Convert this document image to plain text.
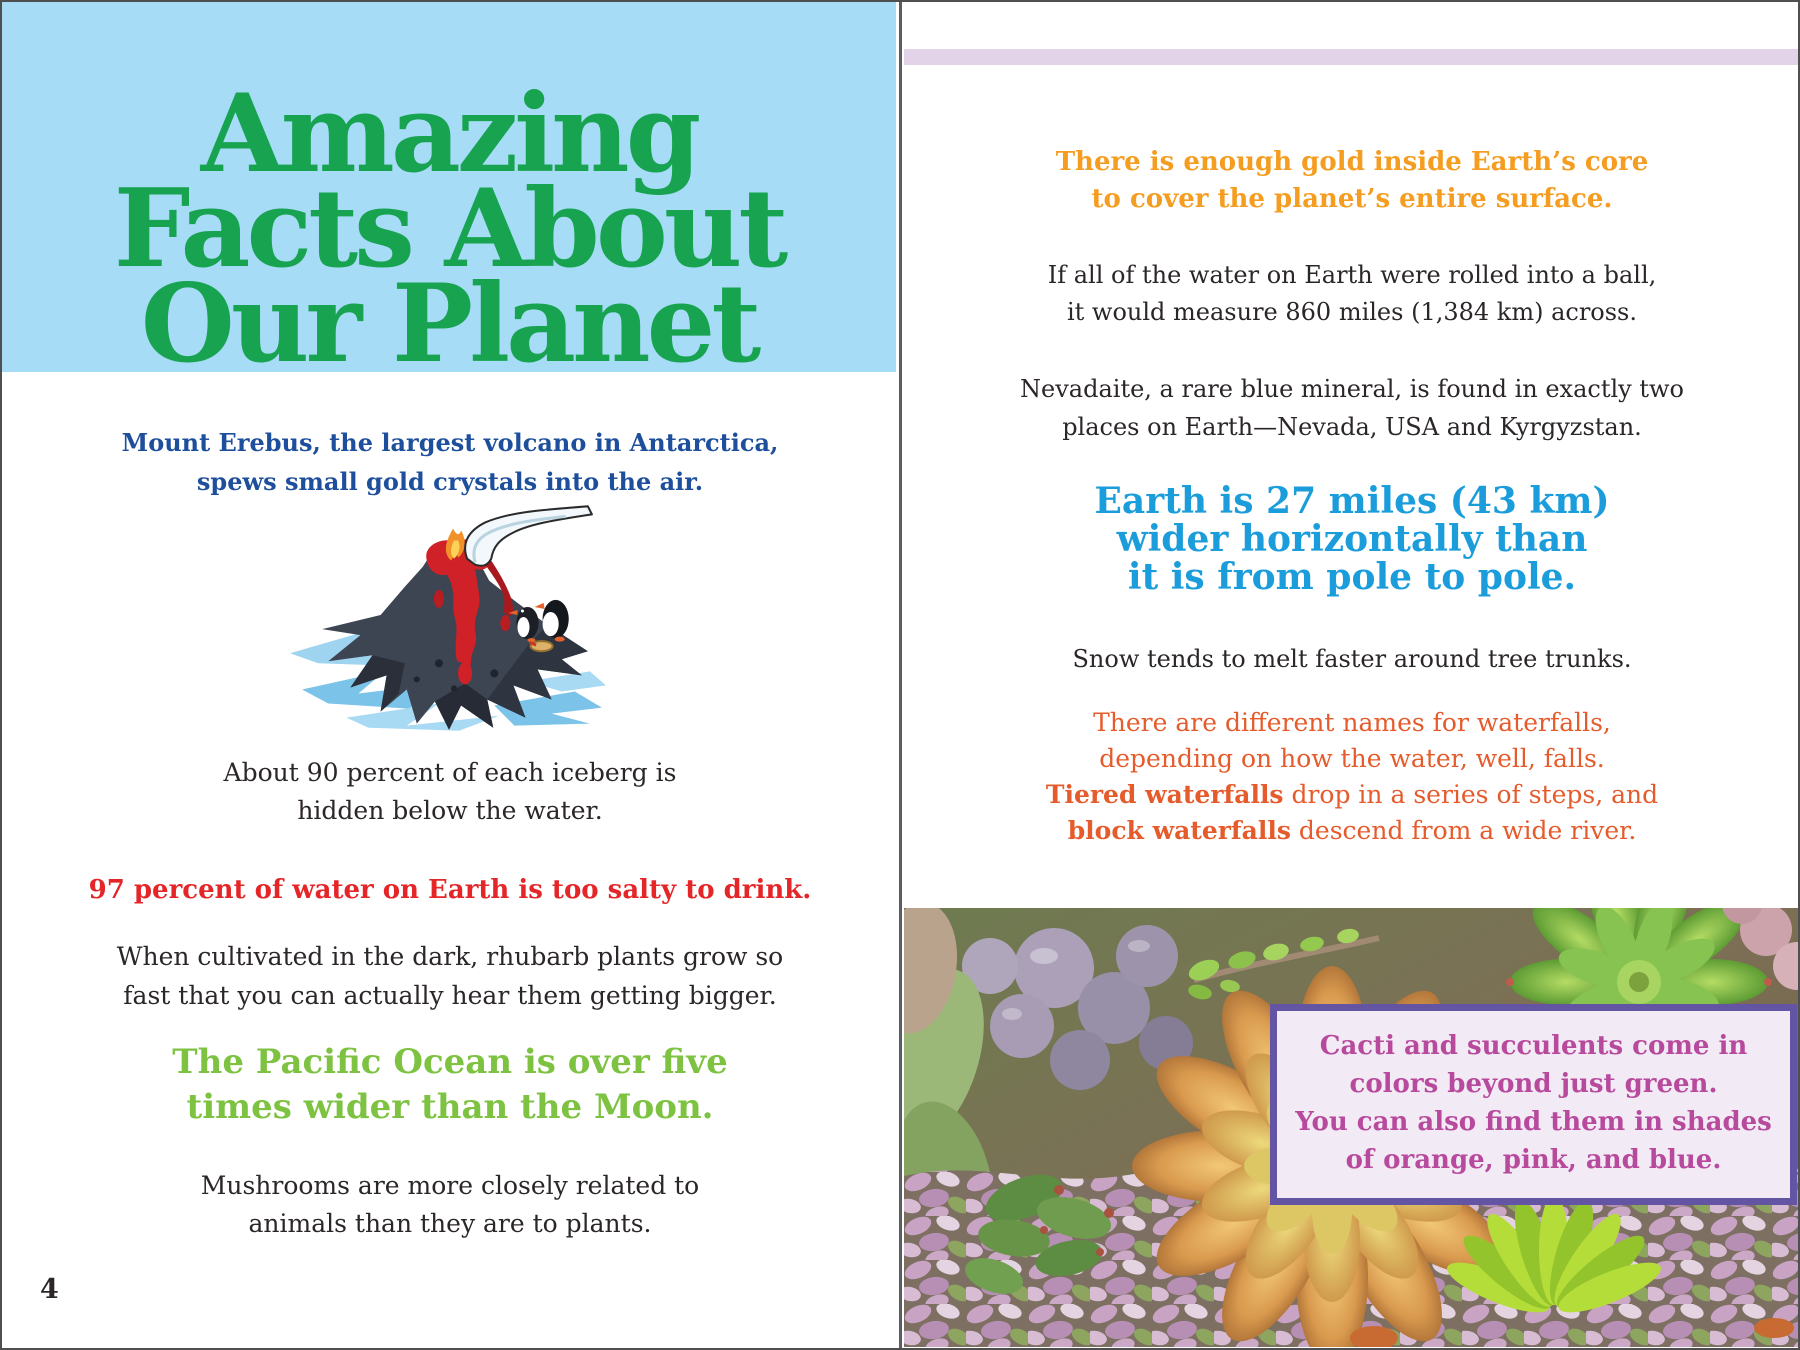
Amazing
Facts About
Our Planet

Mount Erebus, the largest volcano in Antarctica,
spews small gold crystals into the air.

About 90 percent of each iceberg is
hidden below the water.

97 percent of water on Earth is too salty to drink.

When cultivated in the dark, rhubarb plants grow so
fast that you can actually hear them getting bigger.

The Pacific Ocean is over five
times wider than the Moon.

Mushrooms are more closely related to
animals than they are to plants.

4

There is enough gold inside Earth’s core
to cover the planet’s entire surface.

If all of the water on Earth were rolled into a ball,
it would measure 860 miles (1,384 km) across.

Nevadaite, a rare blue mineral, is found in exactly two
places on Earth—Nevada, USA and Kyrgyzstan.

Earth is 27 miles (43 km)
wider horizontally than
it is from pole to pole.

Snow tends to melt faster around tree trunks.

There are different names for waterfalls,
depending on how the water, well, falls.
Tiered waterfalls drop in a series of steps, and
block waterfalls descend from a wide river.

Cacti and succulents come in
colors beyond just green.
You can also find them in shades
of orange, pink, and blue.
